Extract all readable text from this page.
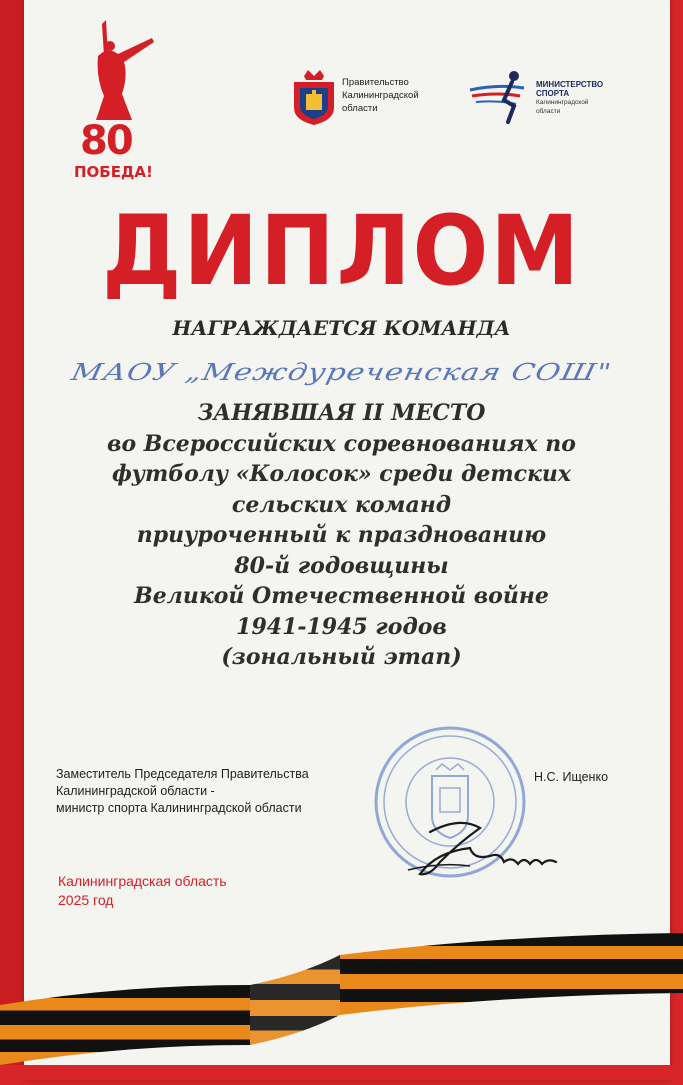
80
ПОБЕДА!
Правительство
Калининградской
области
МИНИСТЕРСТВО
СПОРТА
Калининградской
области
ДИПЛОМ
НАГРАЖДАЕТСЯ КОМАНДА
МАОУ „Междуреченская СОШ"
ЗАНЯВШАЯ II МЕСТО
во Всероссийских соревнованиях по
футболу «Колосок» среди детских
сельских команд
приуроченный к празднованию
80-й годовщины
Великой Отечественной войне
1941-1945 годов
(зональный этап)
Заместитель Председателя Правительства
Калининградской области -
министр спорта Калининградской области
Н.С. Ищенко
Калининградская область
2025 год
